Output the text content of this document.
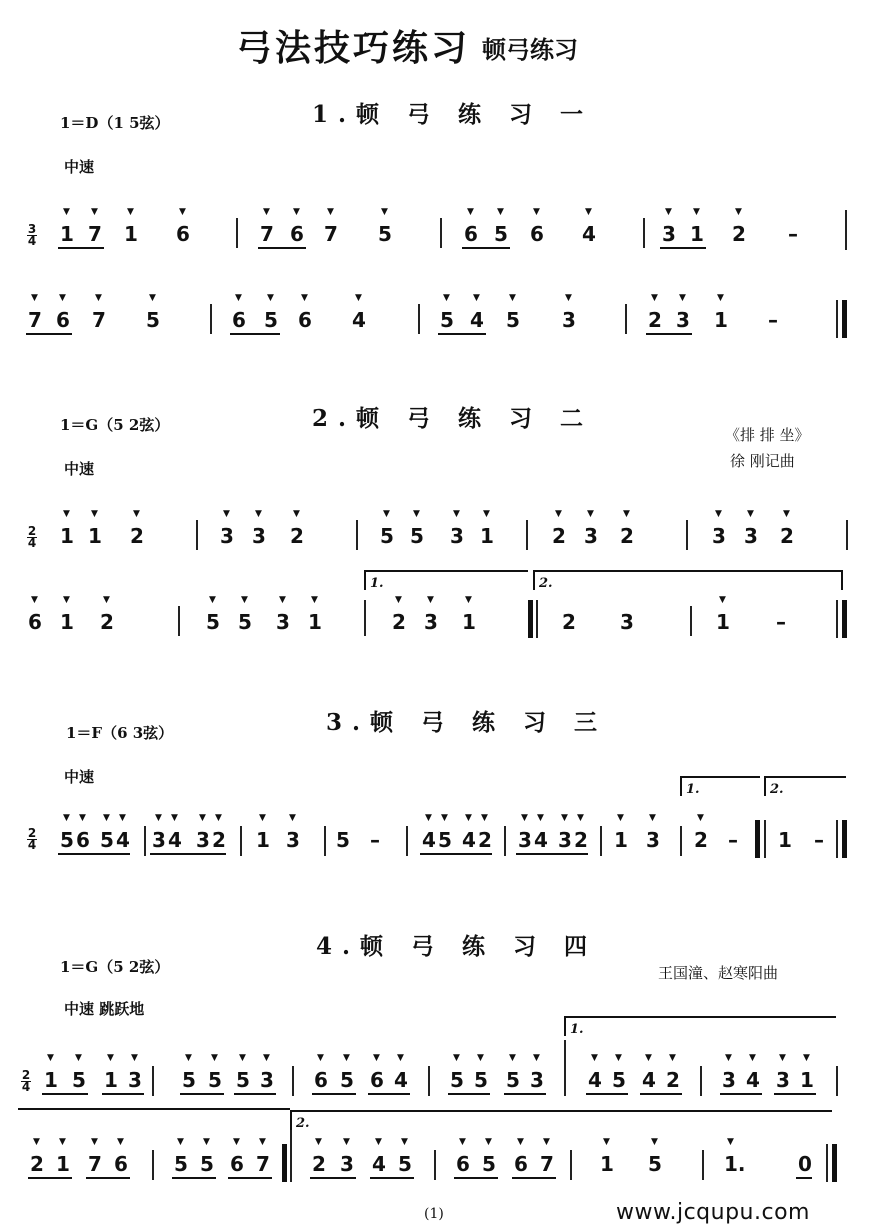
弓法技巧练习 顿弓练习
1.顿 弓 练 习 一
1＝D（1 5弦）
中速
3
4 1
▼
7
▼
1
▼
6
▼
7
▼
6
▼
7
▼
5
▼
6
▼
5
▼
6
▼
4
▼
3
▼
1
▼
2
▼
–
7
▼
6
▼
7
▼
5
▼
6
▼
5
▼
6
▼
4
▼
5
▼
4
▼
5
▼
3
▼
2
▼
3
▼
1
▼
–
2.顿 弓 练 习 二
1＝G（5 2弦）
《排 排 坐》
徐 刚记曲
中速
2
4 1
▼
1
▼
2
▼
3
▼
3
▼
2
▼
5
▼
5
▼
3
▼
1
▼
2
▼
3
▼
2
▼
3
▼
3
▼
2
▼
6
▼
1
▼
2
▼
5
▼
5
▼
3
▼
1
▼
2
▼
3
▼
1
▼
2 3	1
▼
–
1.	2.
3.顿 弓 练 习 三
1＝F（6 3弦）
中速
2
4 5
▼
6
▼
5
▼
4
▼
3
▼
4
▼
3
▼
2
▼
1
▼
3
▼
5 – 4
▼
5
▼
4
▼
2
▼
3
▼
4
▼
3
▼
2
▼
1
▼
3
▼
2
▼
– 1 –
1.	2.
4.顿 弓 练 习 四
1＝G（5 2弦）	王国潼、赵寒阳曲
中速 跳跃地
2
4 1
▼
5
▼
1
▼
3
▼
5
▼
5
▼
5
▼
3
▼
6
▼
5
▼
6
▼
4
▼
5
▼
5
▼
5
▼
3
▼
4
▼
5
▼
4
▼
2
▼
3
▼
4
▼
3
▼
1
▼
2
▼
1
▼
7
▼
6
▼
5
▼
5
▼
6
▼
7
▼
2
▼
3
▼
4
▼
5
▼
6
▼
5
▼
6
▼
7
▼
1
▼
5
▼
1.
▼
0
1.
2.
(1)	www.jcqupu.com
